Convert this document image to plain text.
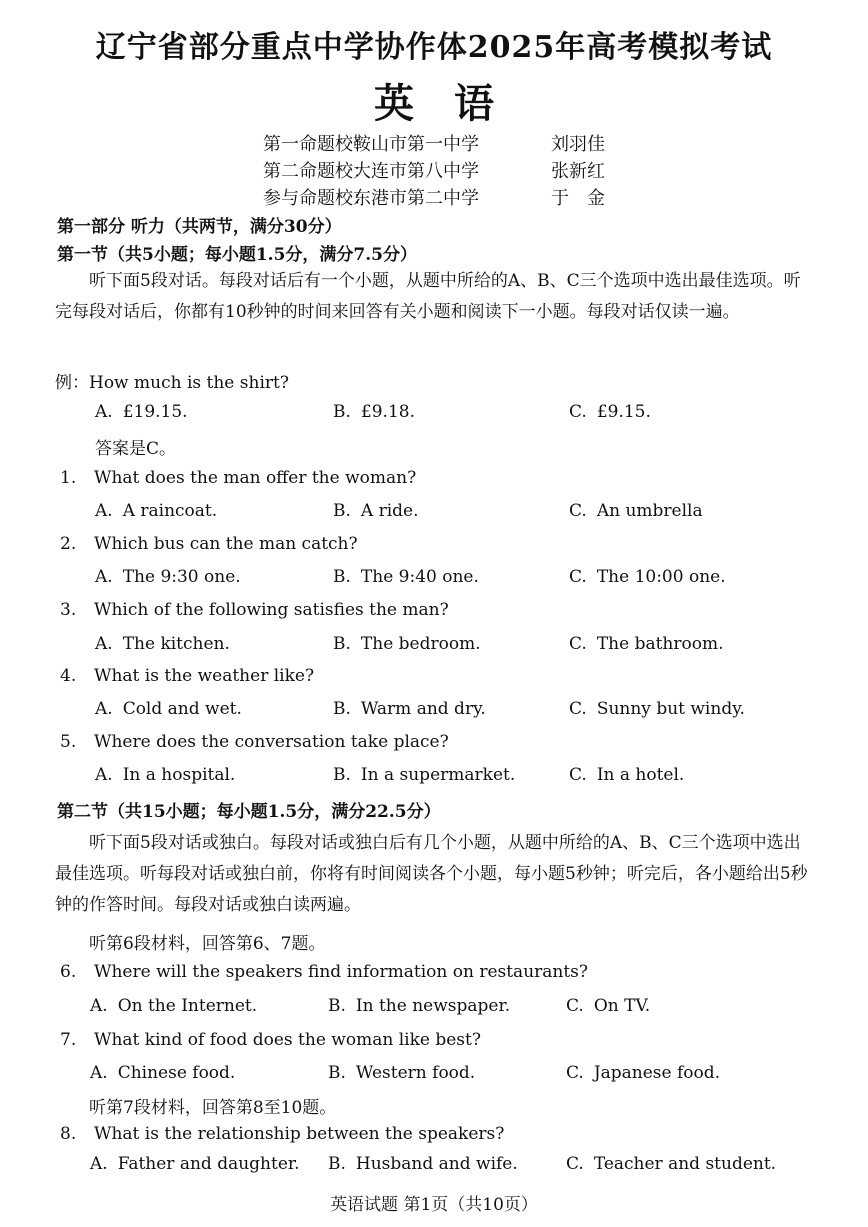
辽宁省部分重点中学协作体2025年高考模拟考试
英语
第一命题校：鞍山市第一中学	刘羽佳
第二命题校：大连市第八中学	张新红
参与命题校：东港市第二中学	于　金
第一部分 听力（共两节，满分30分）
第一节（共5小题；每小题1.5分，满分7.5分）
听下面5段对话。每段对话后有一个小题，从题中所给的A、B、C三个选项中选出最佳选项。听完每段对话后，你都有10秒钟的时间来回答有关小题和阅读下一小题。每段对话仅读一遍。
例：How much is the shirt?
A. £19.15.	B. £9.18.	C. £9.15.
答案是C。
1. What does the man offer the woman?
A. A raincoat.	B. A ride.	C. An umbrella
2. Which bus can the man catch?
A. The 9:30 one.	B. The 9:40 one.	C. The 10:00 one.
3. Which of the following satisfies the man?
A. The kitchen.	B. The bedroom.	C. The bathroom.
4. What is the weather like?
A. Cold and wet.	B. Warm and dry.	C. Sunny but windy.
5. Where does the conversation take place?
A. In a hospital.	B. In a supermarket.	C. In a hotel.
第二节（共15小题；每小题1.5分，满分22.5分）
听下面5段对话或独白。每段对话或独白后有几个小题，从题中所给的A、B、C三个选项中选出最佳选项。听每段对话或独白前，你将有时间阅读各个小题，每小题5秒钟；听完后，各小题给出5秒钟的作答时间。每段对话或独白读两遍。
听第6段材料，回答第6、7题。
6. Where will the speakers find information on restaurants?
A. On the Internet.	B. In the newspaper.	C. On TV.
7. What kind of food does the woman like best?
A. Chinese food.	B. Western food.	C. Japanese food.
听第7段材料，回答第8至10题。
8. What is the relationship between the speakers?
A. Father and daughter. B. Husband and wife.	C. Teacher and student.
英语试题 第1页（共10页）
